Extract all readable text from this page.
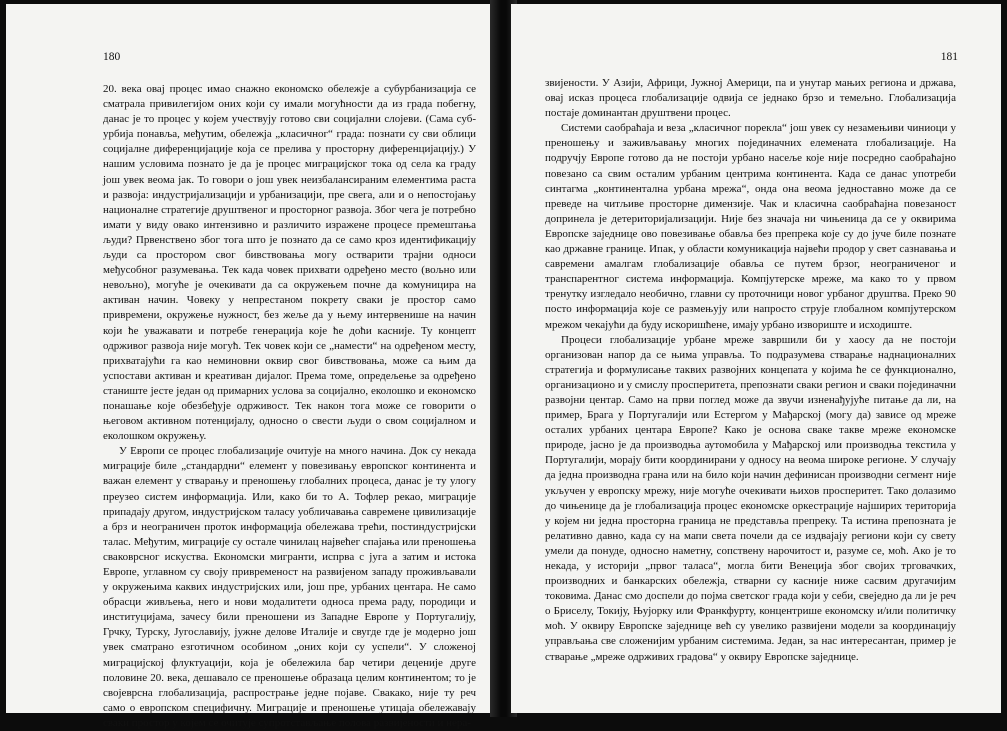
180

20. века овај процес имао снажно економско обележје а субурбанизација се сматрала привилегијом оних који су имали могућности да из града побегну, данас је то процес у којем учествују готово сви социјални слојеви. (Сама субурбија понавља, међутим, обележја „класичног“ града: познати су сви облици социјалне диференцијације која се прелива у просторну диференцијацију.) У нашим условима познато је да је процес миграцијског тока од села ка граду још увек веома јак. То говори о још увек неизбалансираним елементима раста и развоја: индустријализацији и урбанизацији, пре свега, али и о непостојању националне стратегије друштвеног и просторног развоја. Због чега је потребно имати у виду овако интензивно и различито изражене процесе премештања људи? Првенствено због тога што је познато да се само кроз идентификацију људи са простором свог бивствовања могу остварити трајни односи међусобног разумевања. Тек када човек прихвати одређено место (вољно или невољно), могуће је очекивати да са окружењем почне да комуницира на активан начин. Човеку у непрестаном покрету сваки је простор само привремени, окружење нужност, без жеље да у њему интервенише на начин који ће уважавати и потребе генерација које ће доћи касније. Ту концепт одрживог развоја није могућ. Тек човек који се „намести“ на одређеном месту, прихватајући га као неминовни оквир свог бивствовања, може са њим да успостави активан и креативан дијалог. Према томе, опредељење за одређено станиште јесте један од примарних услова за социјално, еколошко и економско понашање које обезбеђује одрживост. Тек након тога може се говорити о његовом активном потенцијалу, односно о свести људи о свом социјалном и еколошком окружењу.

У Европи се процес глобализације очитује на многo начина. Док су некада миграције биле „стандардни“ елемент у повезивању европског континента и важан елемент у стварању и преношењу глобалних процеса, данас је ту улогу преузео систем информација. Или, како би то А. Тофлер рекао, миграције припадају другом, индустријском таласу уобличавања савремене цивилизације а брз и неограничен проток информација обележава трећи, постиндустријски талас. Међутим, миграције су остале чинилац највећег спајања или преношења сваковрсног искуства. Економски мигранти, испрва с југа а затим и истока Европе, углавном су своју привременост на развијеном западу проживљавали у окружењима каквих индустријских или, још пре, урбаних центара. Не само обрасци живљења, него и нови модалитети односа према раду, породици и институцијама, зачесу били преношени из Западне Европе у Португалију, Грчку, Турску, Југославију, јужне делове Италије и свугде где је модерно још увек сматрано езготичном особином „оних који су успели“. У сложеној миграцијској флуктуацији, која је обележила бар четири деценије друге половине 20. века, дешавало се преношење образаца целим континентом; то је својеврсна глобализација, распрострање једне појаве. Свакако, није ту реч само о европском специфичну. Миграције и преношење утицаја обележавају сваки простор у којем се очитује супротстављање полова развијености и нера-

181

звијености. У Азији, Африци, Јужној Америци, па и унутар мањих региона и држава, овај исказ процеса глобализације одвија се једнако брзо и темељно. Глобализација постаје доминантан друштвени процес.

Системи саобраћаја и веза „класичног порекла“ још увек су незамењиви чиниоци у преношењу и заживљавању многих појединачних елемената глобализације. На подручју Европе готово да не постоји урбано насеље које није посредно саобраћајно повезано са свим осталим урбаним центрима континента. Када се данас употреби синтагма „континентална урбана мрежа“, онда она веома једноставно може да се преведе на читљиве просторне димензије. Чак и класична саобраћајна повезаност допринела је детериторијализацији. Није без значаја ни чињеница да се у оквирима Европске заједнице ово повезивање обавља без препрека које су до јуче биле познате као државне границе. Ипак, у области комуникација највећи продор у свет сазнавања и савремени амалгам глобализације обавља се путем брзог, неограниченог и транспарентног система информација. Компјутерске мреже, ма како то у првом тренутку изгледало необично, главни су проточници новог урбаног друштва. Преко 90 посто информација које се размењују или напросто струје глобалном компјутерском мрежом чекајући да буду искоришћене, имају урбано извориште и исходиште.

Процеси глобализације урбане мреже завршили би у хаосу да не постоји организован напор да се њима управља. То подразумева стварање наднационалних стратегија и формулисање таквих развојних концепата у којима ће се функционално, организационо и у смислу просперитета, препознати сваки регион и сваки појединачни развојни центар. Само на први поглед може да звучи изненађујуће питање да ли, на пример, Брага у Португалији или Естергом у Мађарској (могу да) зависе од мреже осталих урбаних центара Европе? Како је основа сваке такве мреже економске природе, јасно је да производња аутомобила у Мађарској или производња текстила у Португалији, морају бити координирани у односу на веома широке регионе. У случају да једна производна грана или на било који начин дефинисан производни сегмент није укључен у европску мрежу, није могуће очекивати њихов просперитет. Тако долазимо до чињенице да је глобализација процес економске оркестрације најширих територија у којем ни једна просторна граница не представља препреку. Та истина препознатa је релативно давно, када су на мапи света почели да се издвајају региони који су свету умели да понуде, односно наметну, сопствену нарочитост и, разуме се, моћ. Ако је то некада, у историји „првог таласа“, могла бити Венеција због својих трговачких, производних и банкарских обележја, стварни су касније ниже сасвим другачијим токовима. Данас смо доспели до појма светског града који у себи, свеједно да ли је реч о Бриселу, Токију, Њујорку или Франкфурту, концентрише економску и/или политичку моћ. У оквиру Европске заједнице већ су увелико развијени модели за координацију управљања све сложенијим урбаним системима. Један, за нас интересантан, пример је стварање „мреже одрживих градова“ у оквиру Европске заједнице.
